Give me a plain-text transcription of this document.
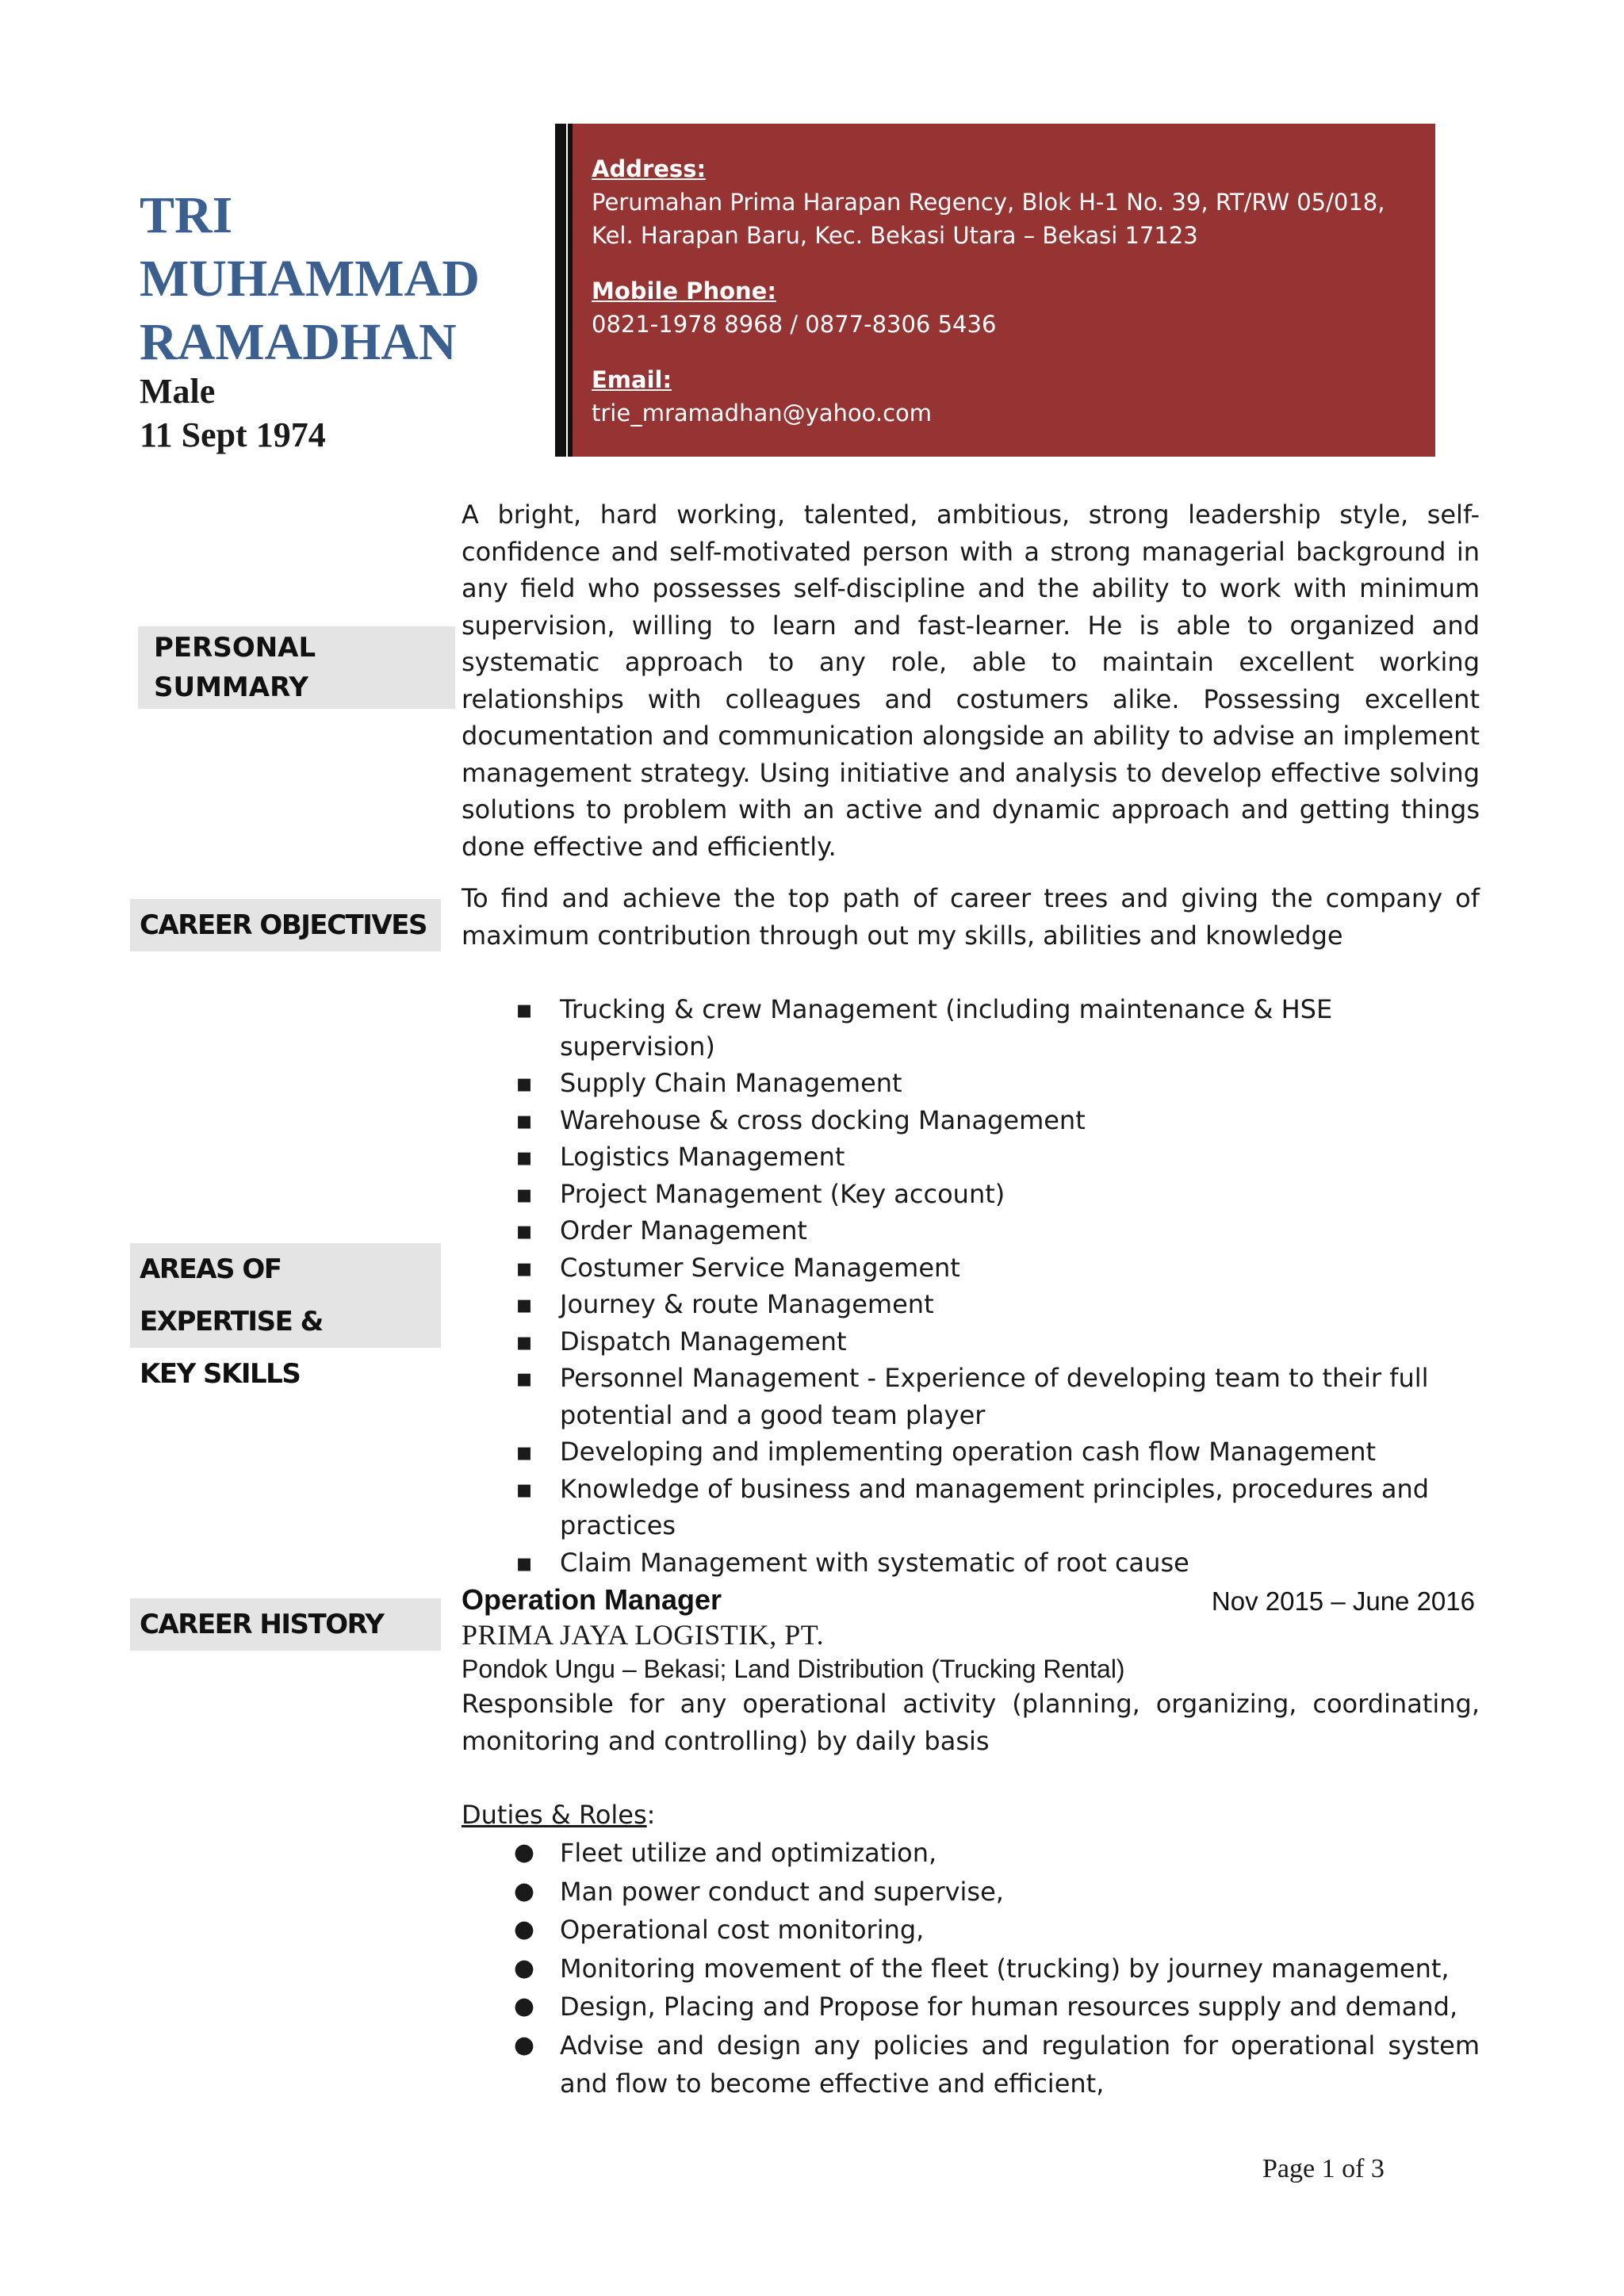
TRI
MUHAMMAD
RAMADHAN
Male
11 Sept 1974
Address:
Perumahan Prima Harapan Regency, Blok H-1 No. 39, RT/RW 05/018,
Kel. Harapan Baru, Kec. Bekasi Utara – Bekasi 17123
Mobile Phone:
0821-1978 8968 / 0877-8306 5436
Email:
trie_mramadhan@yahoo.com
PERSONAL
SUMMARY
CAREER OBJECTIVES
AREAS OF EXPERTISE &
KEY SKILLS
CAREER HISTORY
A bright, hard working, talented, ambitious, strong leadership style, self-confidence and self-motivated person with a strong managerial background in any field who possesses self-discipline and the ability to work with minimum supervision, willing to learn and fast-learner. He is able to organized and systematic approach to any role, able to maintain excellent working relationships with colleagues and costumers alike. Possessing excellent documentation and communication alongside an ability to advise an implement management strategy. Using initiative and analysis to develop effective solving solutions to problem with an active and dynamic approach and getting things done effective and efficiently.
To find and achieve the top path of career trees and giving the company of maximum contribution through out my skills, abilities and knowledge
▪ Trucking & crew Management (including maintenance & HSE supervision)
▪ Supply Chain Management
▪ Warehouse & cross docking Management
▪ Logistics Management
▪ Project Management (Key account)
▪ Order Management
▪ Costumer Service Management
▪ Journey & route Management
▪ Dispatch Management
▪ Personnel Management - Experience of developing team to their full potential and a good team player
▪ Developing and implementing operation cash flow Management
▪ Knowledge of business and management principles, procedures and practices
▪ Claim Management with systematic of root cause
Operation Manager	Nov 2015 – June 2016
PRIMA JAYA LOGISTIK, PT.
Pondok Ungu – Bekasi; Land Distribution (Trucking Rental)
Responsible for any operational activity (planning, organizing, coordinating, monitoring and controlling) by daily basis
Duties & Roles:
● Fleet utilize and optimization,
● Man power conduct and supervise,
● Operational cost monitoring,
● Monitoring movement of the fleet (trucking) by journey management,
● Design, Placing and Propose for human resources supply and demand,
● Advise and design any policies and regulation for operational system and flow to become effective and efficient,
Page 1 of 3
